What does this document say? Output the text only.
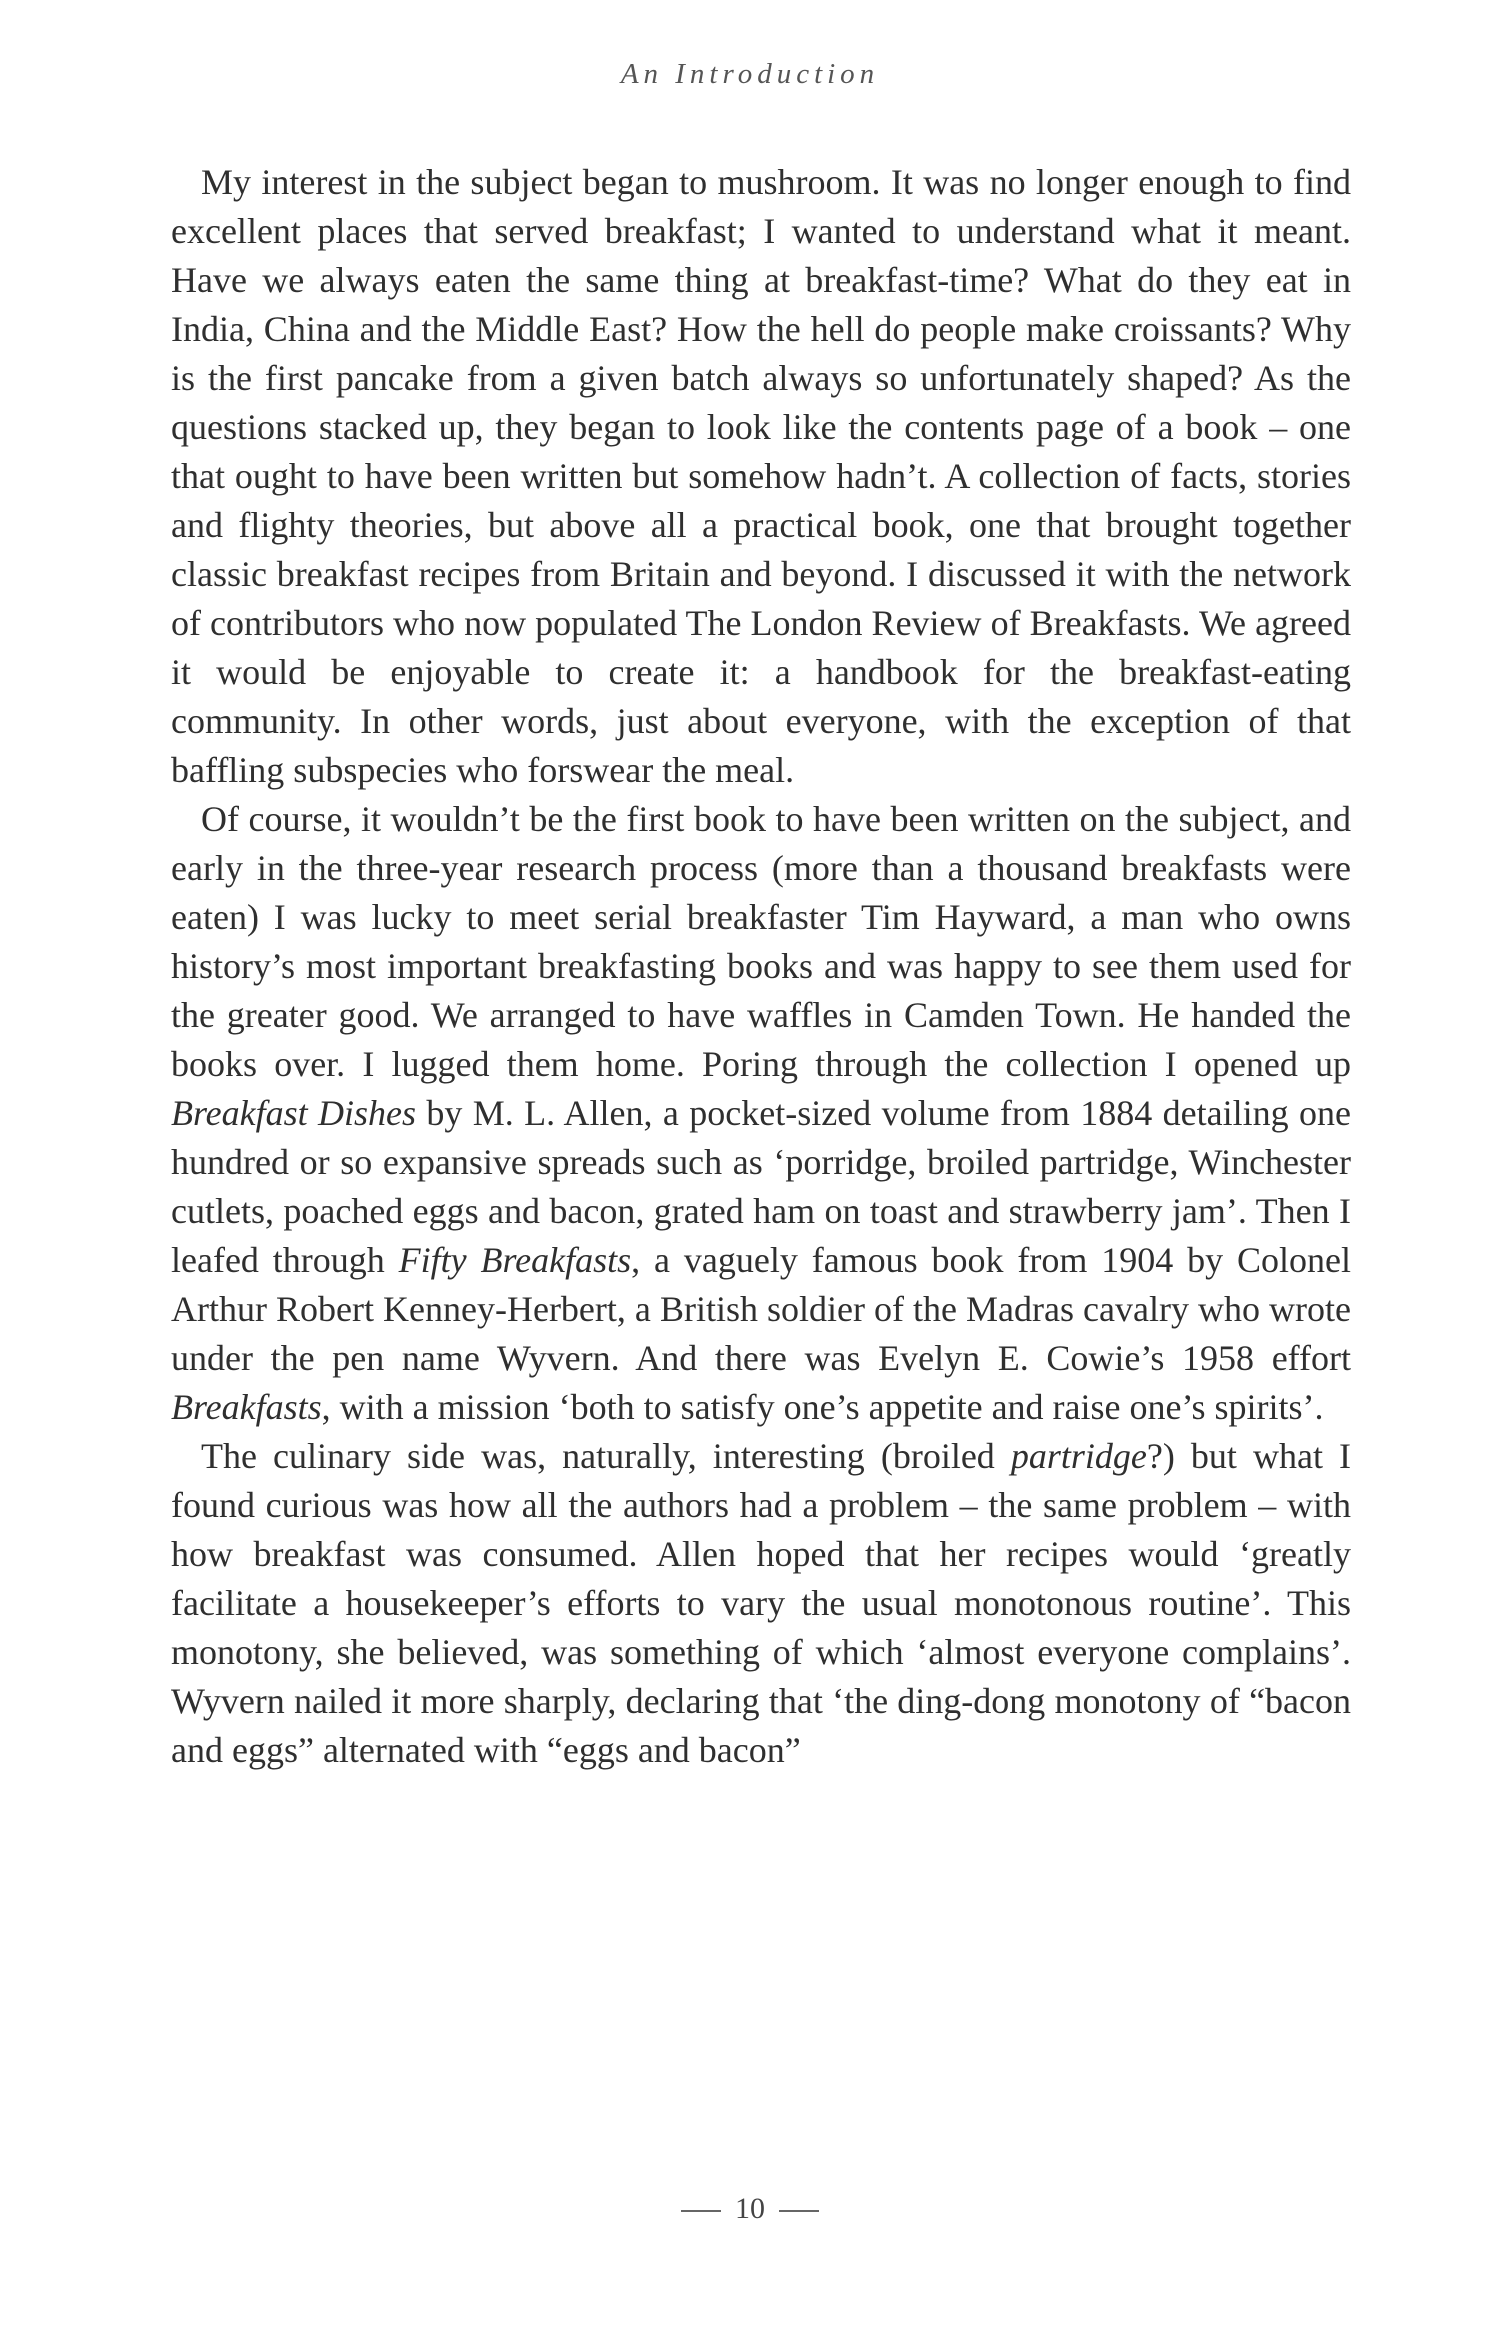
An Introduction

My interest in the subject began to mushroom. It was no longer enough to find excellent places that served breakfast; I wanted to understand what it meant. Have we always eaten the same thing at breakfast-time? What do they eat in India, China and the Middle East? How the hell do people make croissants? Why is the first pancake from a given batch always so unfortunately shaped? As the questions stacked up, they began to look like the contents page of a book – one that ought to have been written but somehow hadn’t. A collection of facts, stories and flighty theories, but above all a practical book, one that brought together classic breakfast recipes from Britain and beyond. I discussed it with the network of contributors who now populated The London Review of Breakfasts. We agreed it would be enjoyable to create it: a handbook for the breakfast-eating community. In other words, just about everyone, with the exception of that baffling subspecies who forswear the meal.

Of course, it wouldn’t be the first book to have been written on the subject, and early in the three-year research process (more than a thousand breakfasts were eaten) I was lucky to meet serial breakfaster Tim Hayward, a man who owns history’s most important breakfasting books and was happy to see them used for the greater good. We arranged to have waffles in Camden Town. He handed the books over. I lugged them home. Poring through the collection I opened up Breakfast Dishes by M. L. Allen, a pocket-sized volume from 1884 detailing one hundred or so expansive spreads such as ‘porridge, broiled partridge, Winchester cutlets, poached eggs and bacon, grated ham on toast and strawberry jam’. Then I leafed through Fifty Breakfasts, a vaguely famous book from 1904 by Colonel Arthur Robert Kenney-Herbert, a British soldier of the Madras cavalry who wrote under the pen name Wyvern. And there was Evelyn E. Cowie’s 1958 effort Breakfasts, with a mission ‘both to satisfy one’s appetite and raise one’s spirits’.

The culinary side was, naturally, interesting (broiled partridge?) but what I found curious was how all the authors had a problem – the same problem – with how breakfast was consumed. Allen hoped that her recipes would ‘greatly facilitate a housekeeper’s efforts to vary the usual monotonous routine’. This monotony, she believed, was something of which ‘almost everyone complains’. Wyvern nailed it more sharply, declaring that ‘the ding-dong monotony of “bacon and eggs” alternated with “eggs and bacon”

10
